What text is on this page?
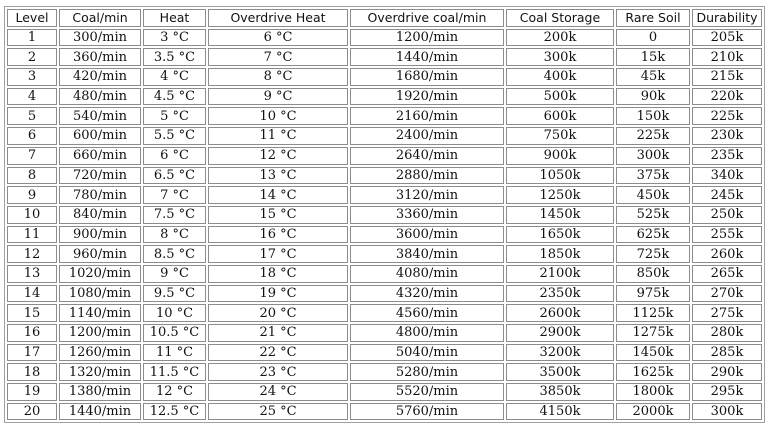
Level	Coal/min	Heat	Overdrive Heat	Overdrive coal/min	Coal Storage	Rare Soil	Durability
1	300/min	3 °C	6 °C	1200/min	200k	0	205k
2	360/min	3.5 °C	7 °C	1440/min	300k	15k	210k
3	420/min	4 °C	8 °C	1680/min	400k	45k	215k
4	480/min	4.5 °C	9 °C	1920/min	500k	90k	220k
5	540/min	5 °C	10 °C	2160/min	600k	150k	225k
6	600/min	5.5 °C	11 °C	2400/min	750k	225k	230k
7	660/min	6 °C	12 °C	2640/min	900k	300k	235k
8	720/min	6.5 °C	13 °C	2880/min	1050k	375k	340k
9	780/min	7 °C	14 °C	3120/min	1250k	450k	245k
10	840/min	7.5 °C	15 °C	3360/min	1450k	525k	250k
11	900/min	8 °C	16 °C	3600/min	1650k	625k	255k
12	960/min	8.5 °C	17 °C	3840/min	1850k	725k	260k
13	1020/min	9 °C	18 °C	4080/min	2100k	850k	265k
14	1080/min	9.5 °C	19 °C	4320/min	2350k	975k	270k
15	1140/min	10 °C	20 °C	4560/min	2600k	1125k	275k
16	1200/min	10.5 °C	21 °C	4800/min	2900k	1275k	280k
17	1260/min	11 °C	22 °C	5040/min	3200k	1450k	285k
18	1320/min	11.5 °C	23 °C	5280/min	3500k	1625k	290k
19	1380/min	12 °C	24 °C	5520/min	3850k	1800k	295k
20	1440/min	12.5 °C	25 °C	5760/min	4150k	2000k	300k
